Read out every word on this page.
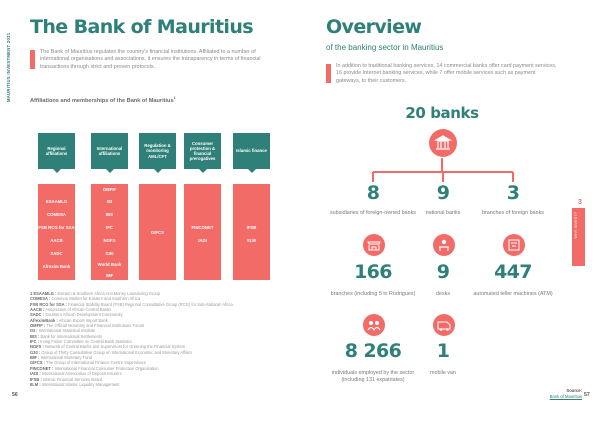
MAURITIUS INVESTMENT 2021
The Bank of Mauritius
The Bank of Mauritius regulates the country's financial institutions. Affiliated to a number of international organisations and associations, it ensures the transparency in terms of financial transactions through strict and proven protocols.
Affiliations and memberships of the Bank of Mauritius$^1$
Regional affiliations
International affiliations
Regulation & monitoring AML/CFT
Consumer protection & financial prerogatives
Islamic finance
ESAAMLG
COMESA
FSB RCG for SSA
AACB
SADC
Afrexim Bank
OMFIF
ISI
BIS
IFC
NGFS
G30
World Bank
IMF
GIFCS
FINCONET
IADI
IFSB
IILM
1 ESAAMLG : Eastern & Southern Africa Anti Money Laundering Group
COMESA : Common Market for Eastern and Southern Africa
FSB RCG for SSA : Financial Stability Board (FSB) Regional Consultative Group (RCG) for Sub-Saharan Africa
AACB : Association of African Central Banks
SADC : Southern African Development Community
AfreximBank : African Export-Import Bank
OMFIF : The Official Monetary and Financial Institutions Forum
ISI : International Statistical Institute
BIS : Bank for International Settlements
IFC : Irving Fisher Committee on Central Bank Statistics
NGFS : Network of Central Banks and Supervisors for Greening the Financial System
G30 : Group of Thirty Consultative Group on International Economic and Monetary Affairs
IMF : International Monetary Fund
GIFCS : The Group of International Finance Centre Supervisors
FINCONET : International Financial Consumer Protection Organisation
IADI : International Association of Deposit Insurers
IFSB : Islamic Financial Services Board
IILM : International Islamic Liquidity Management
56
Overview
of the banking sector in Mauritius
In addition to traditional banking services, 14 commercial banks offer card payment services, 16 provide Internet banking services, while 7 offer mobile services such as payment gateways, to their customers.
20 banks
8
subsidiaries of foreign-owned banks
9
national banks
3
branches of foreign banks
166
branches (including 5 in Rodrigues)
9
desks
447
automated teller machines (ATM)
8 266
individuals employed by the sector (including 131 expatriates)
1
mobile van
3
WHY INVEST?
Source:
Bank of Mauritius 57
